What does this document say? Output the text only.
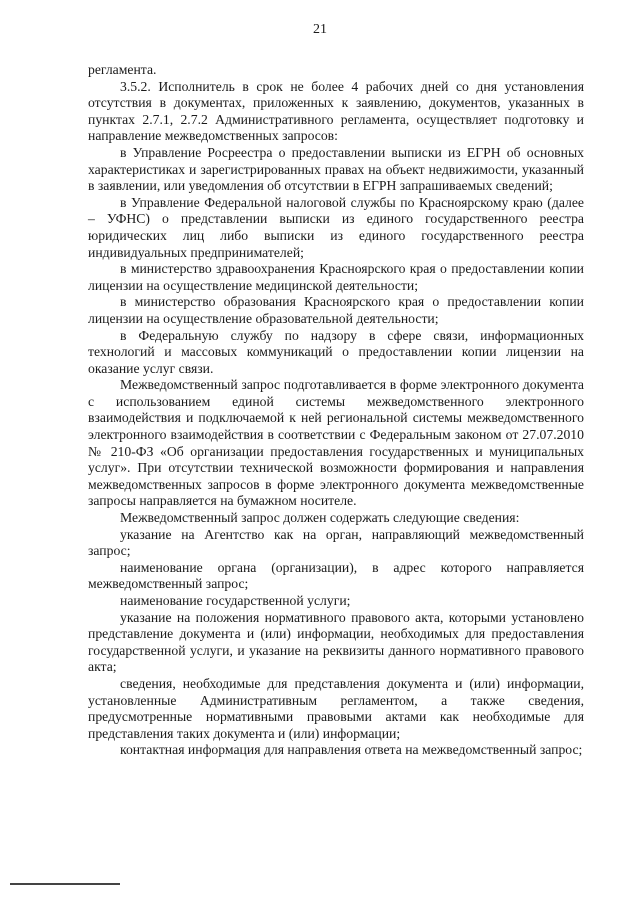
21

регламента.

3.5.2. Исполнитель в срок не более 4 рабочих дней со дня установления отсутствия в документах, приложенных к заявлению, документов, указанных в пунктах 2.7.1, 2.7.2 Административного регламента, осуществляет подготовку и направление межведомственных запросов:

в Управление Росреестра о предоставлении выписки из ЕГРН об основных характеристиках и зарегистрированных правах на объект недвижимости, указанный в заявлении, или уведомления об отсутствии в ЕГРН запрашиваемых сведений;

в Управление Федеральной налоговой службы по Красноярскому краю (далее – УФНС) о представлении выписки из единого государственного реестра юридических лиц либо выписки из единого государственного реестра индивидуальных предпринимателей;

в министерство здравоохранения Красноярского края о предоставлении копии лицензии на осуществление медицинской деятельности;

в министерство образования Красноярского края о предоставлении копии лицензии на осуществление образовательной деятельности;

в Федеральную службу по надзору в сфере связи, информационных технологий и массовых коммуникаций о предоставлении копии лицензии на оказание услуг связи.

Межведомственный запрос подготавливается в форме электронного документа с использованием единой системы межведомственного электронного взаимодействия и подключаемой к ней региональной системы межведомственного электронного взаимодействия в соответствии с Федеральным законом от 27.07.2010 № 210-ФЗ «Об организации предоставления государственных и муниципальных услуг». При отсутствии технической возможности формирования и направления межведомственных запросов в форме электронного документа межведомственные запросы направляется на бумажном носителе.

Межведомственный запрос должен содержать следующие сведения:

указание на Агентство как на орган, направляющий межведомственный запрос;

наименование органа (организации), в адрес которого направляется межведомственный запрос;

наименование государственной услуги;

указание на положения нормативного правового акта, которыми установлено представление документа и (или) информации, необходимых для предоставления государственной услуги, и указание на реквизиты данного нормативного правового акта;

сведения, необходимые для представления документа и (или) информации, установленные Административным регламентом, а также сведения, предусмотренные нормативными правовыми актами как необходимые для представления таких документа и (или) информации;

контактная информация для направления ответа на межведомственный запрос;
